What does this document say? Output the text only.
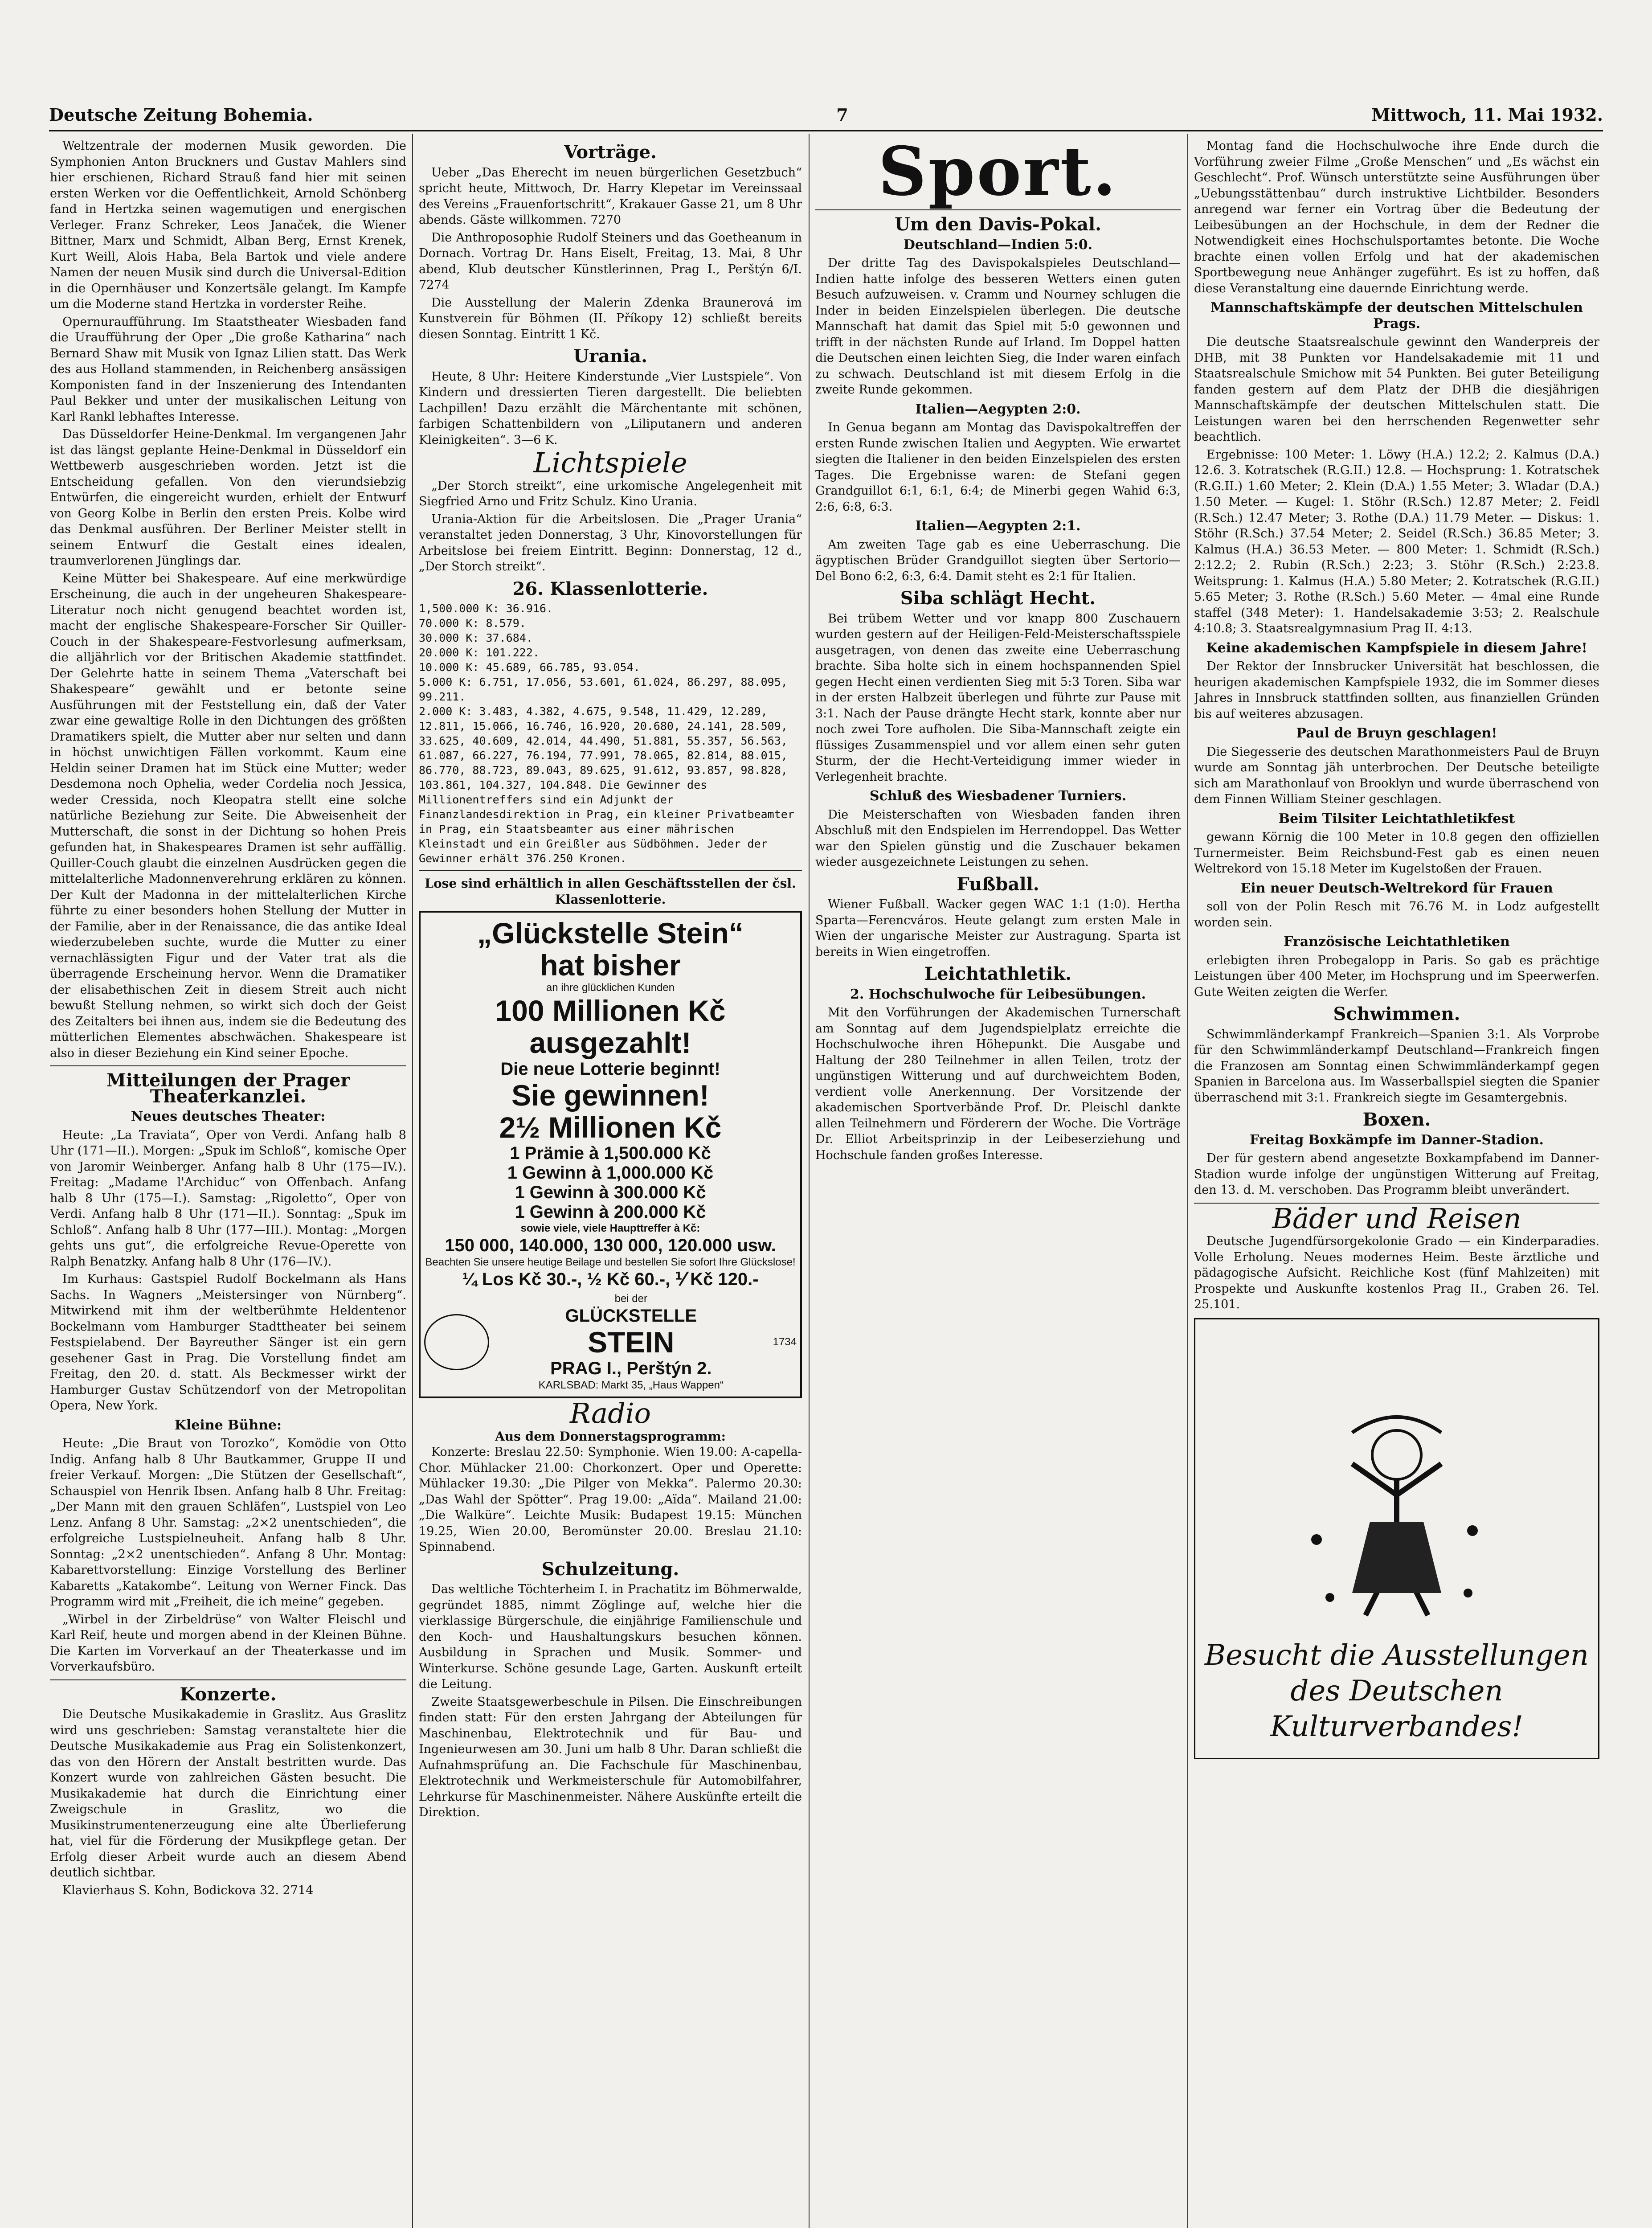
Deutsche Zeitung Bohemia.	7	Mittwoch, 11. Mai 1932.

Weltzentrale der modernen Musik geworden. Die Symphonien Anton Bruckners und Gustav Mahlers sind hier erschienen, Richard Strauß fand hier mit seinen ersten Werken vor die Oeffentlichkeit, Arnold Schönberg fand in Hertzka seinen wagemutigen und energischen Verleger. Franz Schreker, Leos Janaček, die Wiener Bittner, Marx und Schmidt, Alban Berg, Ernst Krenek, Kurt Weill, Alois Haba, Bela Bartok und viele andere Namen der neuen Musik sind durch die Universal-Edition in die Opernhäuser und Konzertsäle gelangt. Im Kampfe um die Moderne stand Hertzka in vorderster Reihe.

Opernuraufführung. Im Staatstheater Wiesbaden fand die Uraufführung der Oper „Die große Katharina“ nach Bernard Shaw mit Musik von Ignaz Lilien statt. Das Werk des aus Holland stammenden, in Reichenberg ansässigen Komponisten fand in der Inszenierung des Intendanten Paul Bekker und unter der musikalischen Leitung von Karl Rankl lebhaftes Interesse.

Das Düsseldorfer Heine-Denkmal. Im vergangenen Jahr ist das längst geplante Heine-Denkmal in Düsseldorf ein Wettbewerb ausgeschrieben worden. Jetzt ist die Entscheidung gefallen. Von den vierundsiebzig Entwürfen, die eingereicht wurden, erhielt der Entwurf von Georg Kolbe in Berlin den ersten Preis. Kolbe wird das Denkmal ausführen. Der Berliner Meister stellt in seinem Entwurf die Gestalt eines idealen, traumverlorenen Jünglings dar.

Keine Mütter bei Shakespeare. Auf eine merkwürdige Erscheinung, die auch in der ungeheuren Shakespeare-Literatur noch nicht genugend beachtet worden ist, macht der englische Shakespeare-Forscher Sir Quiller-Couch in der Shakespeare-Festvorlesung aufmerksam, die alljährlich vor der Britischen Akademie stattfindet. Der Gelehrte hatte in seinem Thema „Vaterschaft bei Shakespeare“ gewählt und er betonte seine Ausführungen mit der Feststellung ein, daß der Vater zwar eine gewaltige Rolle in den Dichtungen des größten Dramatikers spielt, die Mutter aber nur selten und dann in höchst unwichtigen Fällen vorkommt. Kaum eine Heldin seiner Dramen hat im Stück eine Mutter; weder Desdemona noch Ophelia, weder Cordelia noch Jessica, weder Cressida, noch Kleopatra stellt eine solche natürliche Beziehung zur Seite. Die Abweisenheit der Mutterschaft, die sonst in der Dichtung so hohen Preis gefunden hat, in Shakespeares Dramen ist sehr auffällig. Quiller-Couch glaubt die einzelnen Ausdrücken gegen die mittelalterliche Madonnenverehrung erklären zu können. Der Kult der Madonna in der mittelalterlichen Kirche führte zu einer besonders hohen Stellung der Mutter in der Familie, aber in der Renaissance, die das antike Ideal wiederzubeleben suchte, wurde die Mutter zu einer vernachlässigten Figur und der Vater trat als die überragende Erscheinung hervor. Wenn die Dramatiker der elisabethischen Zeit in diesem Streit auch nicht bewußt Stellung nehmen, so wirkt sich doch der Geist des Zeitalters bei ihnen aus, indem sie die Bedeutung des mütterlichen Elementes abschwächen. Shakespeare ist also in dieser Beziehung ein Kind seiner Epoche.

Mitteilungen der Prager Theaterkanzlei.
Neues deutsches Theater:

Heute: „La Traviata“, Oper von Verdi. Anfang halb 8 Uhr (171—II.). Morgen: „Spuk im Schloß“, komische Oper von Jaromir Weinberger. Anfang halb 8 Uhr (175—IV.). Freitag: „Madame l'Archiduc“ von Offenbach. Anfang halb 8 Uhr (175—I.). Samstag: „Rigoletto“, Oper von Verdi. Anfang halb 8 Uhr (171—II.). Sonntag: „Spuk im Schloß“. Anfang halb 8 Uhr (177—III.). Montag: „Morgen gehts uns gut“, die erfolgreiche Revue-Operette von Ralph Benatzky. Anfang halb 8 Uhr (176—IV.).

Im Kurhaus: Gastspiel Rudolf Bockelmann als Hans Sachs. In Wagners „Meistersinger von Nürnberg“. Mitwirkend mit ihm der weltberühmte Heldentenor Bockelmann vom Hamburger Stadttheater bei seinem Festspielabend. Der Bayreuther Sänger ist ein gern gesehener Gast in Prag. Die Vorstellung findet am Freitag, den 20. d. statt. Als Beckmesser wirkt der Hamburger Gustav Schützendorf von der Metropolitan Opera, New York.

Kleine Bühne:

Heute: „Die Braut von Torozko“, Komödie von Otto Indig. Anfang halb 8 Uhr Bautkammer, Gruppe II und freier Verkauf. Morgen: „Die Stützen der Gesellschaft“, Schauspiel von Henrik Ibsen. Anfang halb 8 Uhr. Freitag: „Der Mann mit den grauen Schläfen“, Lustspiel von Leo Lenz. Anfang 8 Uhr. Samstag: „2×2 unentschieden“, die erfolgreiche Lustspielneuheit. Anfang halb 8 Uhr. Sonntag: „2×2 unentschieden“. Anfang 8 Uhr. Montag: Kabarettvorstellung: Einzige Vorstellung des Berliner Kabaretts „Katakombe“. Leitung von Werner Finck. Das Programm wird mit „Freiheit, die ich meine“ gegeben.

„Wirbel in der Zirbeldrüse“ von Walter Fleischl und Karl Reif, heute und morgen abend in der Kleinen Bühne. Die Karten im Vorverkauf an der Theaterkasse und im Vorverkaufsbüro.

Konzerte.

Die Deutsche Musikakademie in Graslitz. Aus Graslitz wird uns geschrieben: Samstag veranstaltete hier die Deutsche Musikakademie aus Prag ein Solistenkonzert, das von den Hörern der Anstalt bestritten wurde. Das Konzert wurde von zahlreichen Gästen besucht. Die Musikakademie hat durch die Einrichtung einer Zweigschule in Graslitz, wo die Musikinstrumentenerzeugung eine alte Überlieferung hat, viel für die Förderung der Musikpflege getan. Der Erfolg dieser Arbeit wurde auch an diesem Abend deutlich sichtbar.

Klavierhaus S. Kohn, Bodickova 32. 2714

Vorträge.

Ueber „Das Eherecht im neuen bürgerlichen Gesetzbuch“ spricht heute, Mittwoch, Dr. Harry Klepetar im Vereinssaal des Vereins „Frauenfortschritt“, Krakauer Gasse 21, um 8 Uhr abends. Gäste willkommen. 7270

Die Anthroposophie Rudolf Steiners und das Goetheanum in Dornach. Vortrag Dr. Hans Eiselt, Freitag, 13. Mai, 8 Uhr abend, Klub deutscher Künstlerinnen, Prag I., Perštýn 6/I. 7274

Die Ausstellung der Malerin Zdenka Braunerová im Kunstverein für Böhmen (II. Příkopy 12) schließt bereits diesen Sonntag. Eintritt 1 Kč.

Urania.

Heute, 8 Uhr: Heitere Kinderstunde „Vier Lustspiele“. Von Kindern und dressierten Tieren dargestellt. Die beliebten Lachpillen! Dazu erzählt die Märchentante mit schönen, farbigen Schattenbildern von „Liliputanern und anderen Kleinigkeiten“. 3—6 K.

Lichtspiele

„Der Storch streikt“, eine urkomische Angelegenheit mit Siegfried Arno und Fritz Schulz. Kino Urania.

Urania-Aktion für die Arbeitslosen. Die „Prager Urania“ veranstaltet jeden Donnerstag, 3 Uhr, Kinovorstellungen für Arbeitslose bei freiem Eintritt. Beginn: Donnerstag, 12 d., „Der Storch streikt“.

26. Klassenlotterie.
1,500.000 K: 36.916.
70.000 K: 8.579.
30.000 K: 37.684.
20.000 K: 101.222.
10.000 K: 45.689, 66.785, 93.054.
5.000 K: 6.751, 17.056, 53.601, 61.024, 86.297, 88.095, 99.211.
2.000 K: 3.483, 4.382, 4.675, 9.548, 11.429, 12.289, 12.811, 15.066, 16.746, 16.920, 20.680, 24.141, 28.509, 33.625, 40.609, 42.014, 44.490, 51.881, 55.357, 56.563, 61.087, 66.227, 76.194, 77.991, 78.065, 82.814, 88.015, 86.770, 88.723, 89.043, 89.625, 91.612, 93.857, 98.828, 103.861, 104.327, 104.848. Die Gewinner des Millionentreffers sind ein Adjunkt der Finanzlandesdirektion in Prag, ein kleiner Privatbeamter in Prag, ein Staatsbeamter aus einer mährischen Kleinstadt und ein Greißler aus Südböhmen. Jeder der Gewinner erhält 376.250 Kronen.
Lose sind erhältlich in allen Geschäftsstellen der čsl. Klassenlotterie.
„Glückstelle Stein“
hat bisher
an ihre glücklichen Kunden
100 Millionen Kč
ausgezahlt!
Die neue Lotterie beginnt!
Sie gewinnen!
2½ Millionen Kč
1 Prämie à 1,500.000 Kč
1 Gewinn à 1,000.000 Kč
1 Gewinn à 300.000 Kč
1 Gewinn à 200.000 Kč
sowie viele, viele Haupttreffer à Kč:
150 000, 140.000, 130 000, 120.000 usw.
Beachten Sie unsere heutige Beilage und bestellen Sie sofort Ihre Glückslose!
¼ Los Kč 30.-, ½ Kč 60.-, ⅟ Kč 120.-
bei der
GLÜCKSTELLE
STEIN
PRAG I., Perštýn 2.
KARLSBAD: Markt 35, „Haus Wappen“
1734
Radio
Aus dem Donnerstagsprogramm:

Konzerte: Breslau 22.50: Symphonie. Wien 19.00: A-capella-Chor. Mühlacker 21.00: Chorkonzert. Oper und Operette: Mühlacker 19.30: „Die Pilger von Mekka“. Palermo 20.30: „Das Wahl der Spötter“. Prag 19.00: „Aïda“. Mailand 21.00: „Die Walküre“. Leichte Musik: Budapest 19.15: München 19.25, Wien 20.00, Beromünster 20.00. Breslau 21.10: Spinnabend.

Schulzeitung.

Das weltliche Töchterheim I. in Prachatitz im Böhmerwalde, gegründet 1885, nimmt Zöglinge auf, welche hier die vierklassige Bürgerschule, die einjährige Familienschule und den Koch- und Haushaltungskurs besuchen können. Ausbildung in Sprachen und Musik. Sommer- und Winterkurse. Schöne gesunde Lage, Garten. Auskunft erteilt die Leitung.

Zweite Staatsgewerbeschule in Pilsen. Die Einschreibungen finden statt: Für den ersten Jahrgang der Abteilungen für Maschinenbau, Elektrotechnik und für Bau- und Ingenieurwesen am 30. Juni um halb 8 Uhr. Daran schließt die Aufnahmsprüfung an. Die Fachschule für Maschinenbau, Elektrotechnik und Werkmeisterschule für Automobilfahrer, Lehrkurse für Maschinenmeister. Nähere Auskünfte erteilt die Direktion.

Sport.
Um den Davis-Pokal.
Deutschland—Indien 5:0.

Der dritte Tag des Davispokalspieles Deutschland—Indien hatte infolge des besseren Wetters einen guten Besuch aufzuweisen. v. Cramm und Nourney schlugen die Inder in beiden Einzelspielen überlegen. Die deutsche Mannschaft hat damit das Spiel mit 5:0 gewonnen und trifft in der nächsten Runde auf Irland. Im Doppel hatten die Deutschen einen leichten Sieg, die Inder waren einfach zu schwach. Deutschland ist mit diesem Erfolg in die zweite Runde gekommen.

Italien—Aegypten 2:0.

In Genua begann am Montag das Davispokaltreffen der ersten Runde zwischen Italien und Aegypten. Wie erwartet siegten die Italiener in den beiden Einzelspielen des ersten Tages. Die Ergebnisse waren: de Stefani gegen Grandguillot 6:1, 6:1, 6:4; de Minerbi gegen Wahid 6:3, 2:6, 6:8, 6:3.

Italien—Aegypten 2:1.

Am zweiten Tage gab es eine Ueberraschung. Die ägyptischen Brüder Grandguillot siegten über Sertorio—Del Bono 6:2, 6:3, 6:4. Damit steht es 2:1 für Italien.

Siba schlägt Hecht.

Bei trübem Wetter und vor knapp 800 Zuschauern wurden gestern auf der Heiligen-Feld-Meisterschaftsspiele ausgetragen, von denen das zweite eine Ueberraschung brachte. Siba holte sich in einem hochspannenden Spiel gegen Hecht einen verdienten Sieg mit 5:3 Toren. Siba war in der ersten Halbzeit überlegen und führte zur Pause mit 3:1. Nach der Pause drängte Hecht stark, konnte aber nur noch zwei Tore aufholen. Die Siba-Mannschaft zeigte ein flüssiges Zusammenspiel und vor allem einen sehr guten Sturm, der die Hecht-Verteidigung immer wieder in Verlegenheit brachte.

Schluß des Wiesbadener Turniers.

Die Meisterschaften von Wiesbaden fanden ihren Abschluß mit den Endspielen im Herrendoppel. Das Wetter war den Spielen günstig und die Zuschauer bekamen wieder ausgezeichnete Leistungen zu sehen.

Fußball.

Wiener Fußball. Wacker gegen WAC 1:1 (1:0). Hertha Sparta—Ferencváros. Heute gelangt zum ersten Male in Wien der ungarische Meister zur Austragung. Sparta ist bereits in Wien eingetroffen.

Leichtathletik.
2. Hochschulwoche für Leibesübungen.

Mit den Vorführungen der Akademischen Turnerschaft am Sonntag auf dem Jugendspielplatz erreichte die Hochschulwoche ihren Höhepunkt. Die Ausgabe und Haltung der 280 Teilnehmer in allen Teilen, trotz der ungünstigen Witterung und auf durchweichtem Boden, verdient volle Anerkennung. Der Vorsitzende der akademischen Sportverbände Prof. Dr. Pleischl dankte allen Teilnehmern und Förderern der Woche. Die Vorträge Dr. Elliot Arbeitsprinzip in der Leibeserziehung und Hochschule fanden großes Interesse.

Montag fand die Hochschulwoche ihre Ende durch die Vorführung zweier Filme „Große Menschen“ und „Es wächst ein Geschlecht“. Prof. Wünsch unterstützte seine Ausführungen über „Uebungsstättenbau“ durch instruktive Lichtbilder. Besonders anregend war ferner ein Vortrag über die Bedeutung der Leibesübungen an der Hochschule, in dem der Redner die Notwendigkeit eines Hochschulsportamtes betonte. Die Woche brachte einen vollen Erfolg und hat der akademischen Sportbewegung neue Anhänger zugeführt. Es ist zu hoffen, daß diese Veranstaltung eine dauernde Einrichtung werde.

Mannschaftskämpfe der deutschen Mittelschulen Prags.

Die deutsche Staatsrealschule gewinnt den Wanderpreis der DHB, mit 38 Punkten vor Handelsakademie mit 11 und Staatsrealschule Smichow mit 54 Punkten. Bei guter Beteiligung fanden gestern auf dem Platz der DHB die diesjährigen Mannschaftskämpfe der deutschen Mittelschulen statt. Die Leistungen waren bei den herrschenden Regenwetter sehr beachtlich.

Ergebnisse: 100 Meter: 1. Löwy (H.A.) 12.2; 2. Kalmus (D.A.) 12.6. 3. Kotratschek (R.G.II.) 12.8. — Hochsprung: 1. Kotratschek (R.G.II.) 1.60 Meter; 2. Klein (D.A.) 1.55 Meter; 3. Wladar (D.A.) 1.50 Meter. — Kugel: 1. Stöhr (R.Sch.) 12.87 Meter; 2. Feidl (R.Sch.) 12.47 Meter; 3. Rothe (D.A.) 11.79 Meter. — Diskus: 1. Stöhr (R.Sch.) 37.54 Meter; 2. Seidel (R.Sch.) 36.85 Meter; 3. Kalmus (H.A.) 36.53 Meter. — 800 Meter: 1. Schmidt (R.Sch.) 2:12.2; 2. Rubin (R.Sch.) 2:23; 3. Stöhr (R.Sch.) 2:23.8. Weitsprung: 1. Kalmus (H.A.) 5.80 Meter; 2. Kotratschek (R.G.II.) 5.65 Meter; 3. Rothe (R.Sch.) 5.60 Meter. — 4mal eine Runde staffel (348 Meter): 1. Handelsakademie 3:53; 2. Realschule 4:10.8; 3. Staatsrealgymnasium Prag II. 4:13.

Keine akademischen Kampfspiele in diesem Jahre!

Der Rektor der Innsbrucker Universität hat beschlossen, die heurigen akademischen Kampfspiele 1932, die im Sommer dieses Jahres in Innsbruck stattfinden sollten, aus finanziellen Gründen bis auf weiteres abzusagen.

Paul de Bruyn geschlagen!

Die Siegesserie des deutschen Marathonmeisters Paul de Bruyn wurde am Sonntag jäh unterbrochen. Der Deutsche beteiligte sich am Marathonlauf von Brooklyn und wurde überraschend von dem Finnen William Steiner geschlagen.

Beim Tilsiter Leichtathletikfest

gewann Körnig die 100 Meter in 10.8 gegen den offiziellen Turnermeister. Beim Reichsbund-Fest gab es einen neuen Weltrekord von 15.18 Meter im Kugelstoßen der Frauen.

Ein neuer Deutsch-Weltrekord für Frauen

soll von der Polin Resch mit 76.76 M. in Lodz aufgestellt worden sein.

Französische Leichtathletiken

erlebigten ihren Probegalopp in Paris. So gab es prächtige Leistungen über 400 Meter, im Hochsprung und im Speerwerfen. Gute Weiten zeigten die Werfer.

Schwimmen.

Schwimmländerkampf Frankreich—Spanien 3:1. Als Vorprobe für den Schwimmländerkampf Deutschland—Frankreich fingen die Franzosen am Sonntag einen Schwimmländerkampf gegen Spanien in Barcelona aus. Im Wasserballspiel siegten die Spanier überraschend mit 3:1. Frankreich siegte im Gesamtergebnis.

Boxen.
Freitag Boxkämpfe im Danner-Stadion.

Der für gestern abend angesetzte Boxkampfabend im Danner-Stadion wurde infolge der ungünstigen Witterung auf Freitag, den 13. d. M. verschoben. Das Programm bleibt unverändert.

Bäder und Reisen

Deutsche Jugendfürsorgekolonie Grado — ein Kinderparadies. Volle Erholung. Neues modernes Heim. Beste ärztliche und pädagogische Aufsicht. Reichliche Kost (fünf Mahlzeiten) mit Prospekte und Auskunfte kostenlos Prag II., Graben 26. Tel. 25.101.

Besucht die Ausstellungen des Deutschen Kulturverbandes!
